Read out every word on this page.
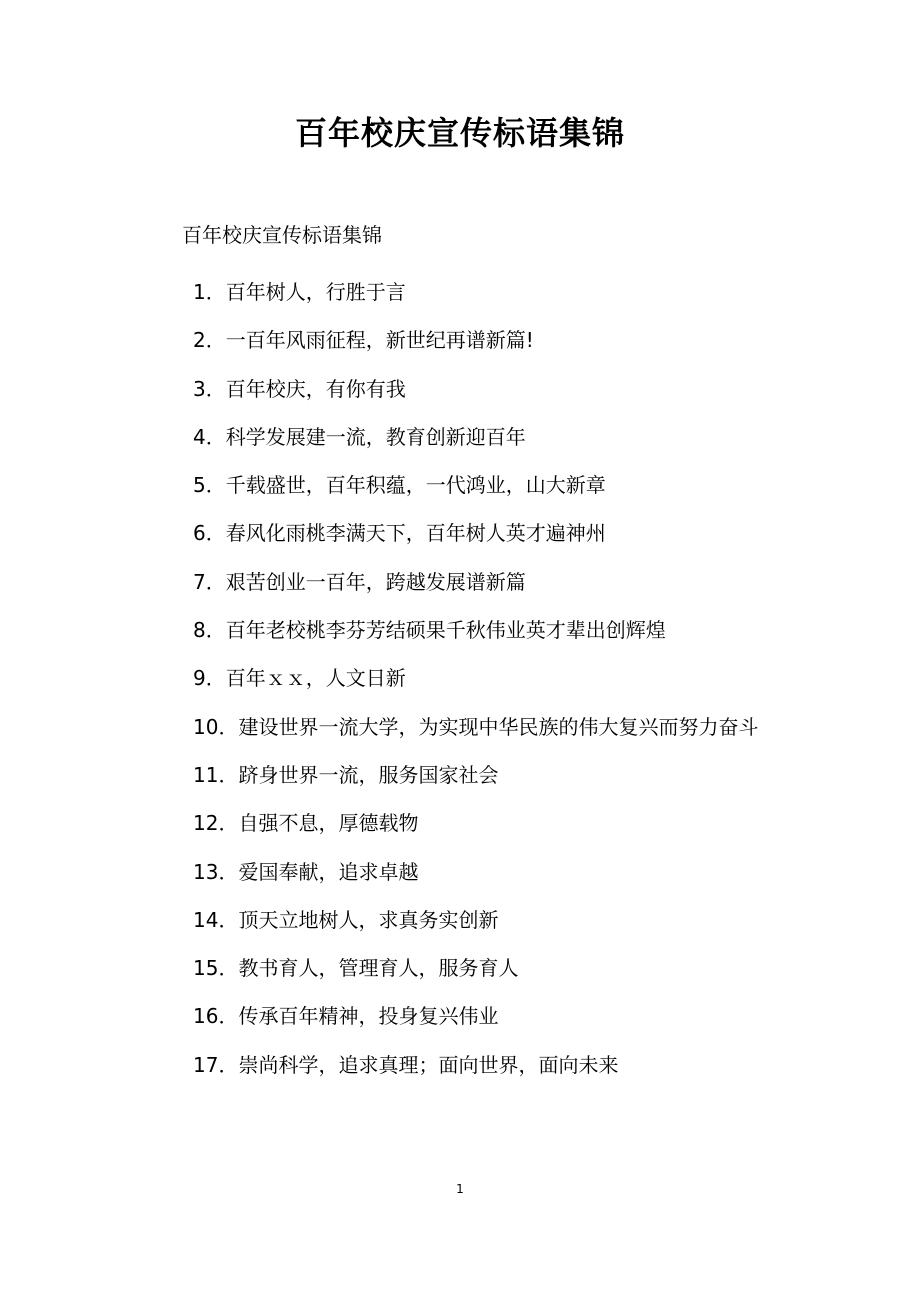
百年校庆宣传标语集锦
百年校庆宣传标语集锦
1．百年树人，行胜于言
2．一百年风雨征程，新世纪再谱新篇!
3．百年校庆，有你有我
4．科学发展建一流，教育创新迎百年
5．千载盛世，百年积蕴，一代鸿业，山大新章
6．春风化雨桃李满天下，百年树人英才遍神州
7．艰苦创业一百年，跨越发展谱新篇
8．百年老校桃李芬芳结硕果千秋伟业英才辈出创辉煌
9．百年ｘｘ，人文日新
10．建设世界一流大学，为实现中华民族的伟大复兴而努力奋斗
11．跻身世界一流，服务国家社会
12．自强不息，厚德载物
13．爱国奉献，追求卓越
14．顶天立地树人，求真务实创新
15．教书育人，管理育人，服务育人
16．传承百年精神，投身复兴伟业
17．崇尚科学，追求真理；面向世界，面向未来
1
